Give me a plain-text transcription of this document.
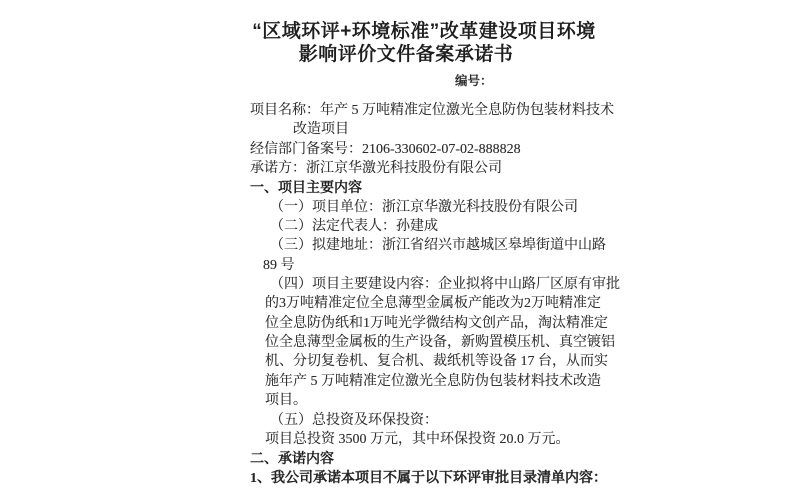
“区域环评+环境标准”改革建设项目环境
影响评价文件备案承诺书
编号：
项目名称：年产 5 万吨精准定位激光全息防伪包装材料技术
改造项目
经信部门备案号：2106-330602-07-02-888828
承诺方：浙江京华激光科技股份有限公司
一、项目主要内容
（一）项目单位：浙江京华激光科技股份有限公司
（二）法定代表人：孙建成
（三）拟建地址：浙江省绍兴市越城区皋埠街道中山路
89 号
（四）项目主要建设内容：企业拟将中山路厂区原有审批
的3万吨精准定位全息薄型金属板产能改为2万吨精准定
位全息防伪纸和1万吨光学微结构文创产品，淘汰精准定
位全息薄型金属板的生产设备，新购置模压机、真空镀铝
机、分切复卷机、复合机、裁纸机等设备 17 台，从而实
施年产 5 万吨精准定位激光全息防伪包装材料技术改造
项目。
（五）总投资及环保投资：
项目总投资 3500 万元，其中环保投资 20.0 万元。
二、承诺内容
1、我公司承诺本项目不属于以下环评审批目录清单内容：
